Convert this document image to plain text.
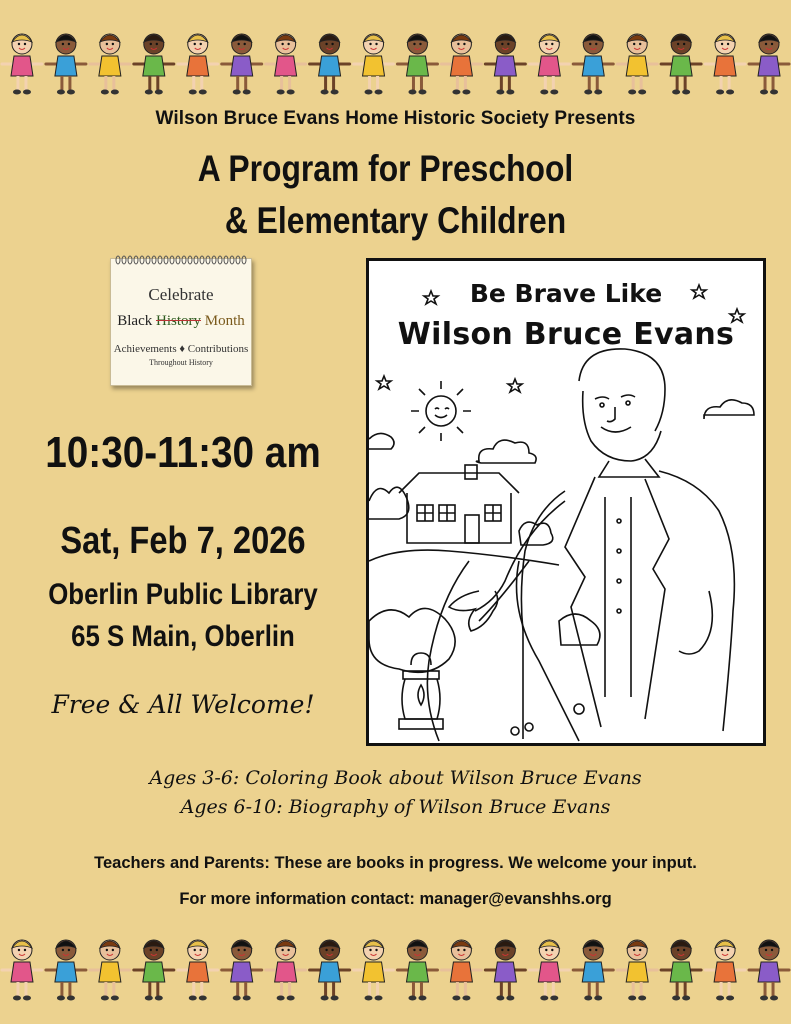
Wilson Bruce Evans Home Historic Society Presents
A Program for Preschool
& Elementary Children
Celebrate
Black History Month
Achievements ♦ Contributions
Throughout History
10:30-11:30 am
Sat, Feb 7, 2026
Oberlin Public Library
65 S Main, Oberlin
Free & All Welcome!
Be Brave Like
Wilson Bruce Evans
Ages 3-6: Coloring Book about Wilson Bruce Evans
Ages 6-10: Biography of Wilson Bruce Evans
Teachers and Parents: These are books in progress. We welcome your input.
For more information contact: manager@evanshhs.org
